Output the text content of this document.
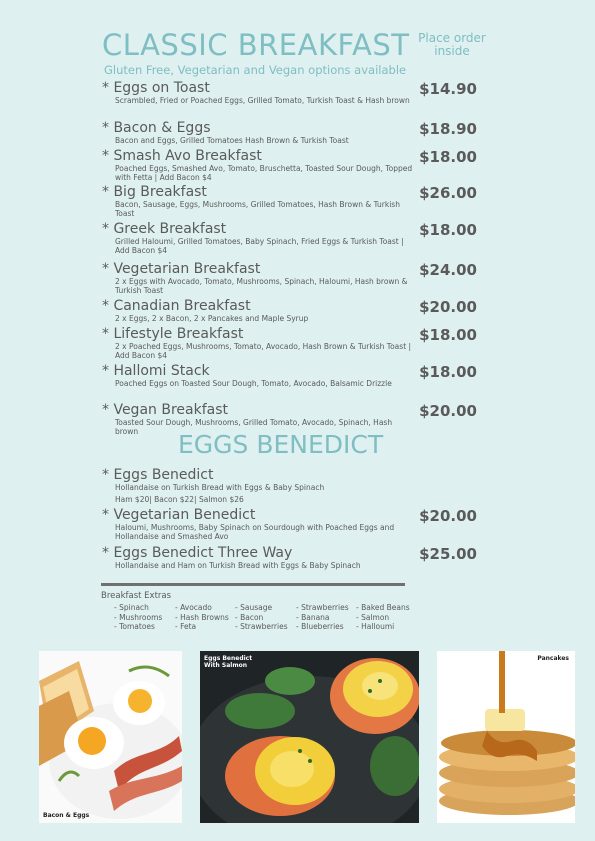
CLASSIC BREAKFAST Place order inside
Gluten Free, Vegetarian and Vegan options available
* Eggs on Toast
Scrambled, Fried or Poached Eggs, Grilled Tomato, Turkish Toast & Hash brown
$14.90
* Bacon & Eggs
Bacon and Eggs, Grilled Tomatoes Hash Brown & Turkish Toast
$18.90
* Smash Avo Breakfast
Poached Eggs, Smashed Avo, Tomato, Bruschetta, Toasted Sour Dough, Topped with Fetta | Add Bacon $4
$18.00
* Big Breakfast
Bacon, Sausage, Eggs, Mushrooms, Grilled Tomatoes, Hash Brown & Turkish Toast
$26.00
* Greek Breakfast
Grilled Haloumi, Grilled Tomatoes, Baby Spinach, Fried Eggs & Turkish Toast | Add Bacon $4
$18.00
* Vegetarian Breakfast
2 x Eggs with Avocado, Tomato, Mushrooms, Spinach, Haloumi, Hash brown & Turkish Toast
$24.00
* Canadian Breakfast
2 x Eggs, 2 x Bacon, 2 x Pancakes and Maple Syrup
$20.00
* Lifestyle Breakfast
2 x Poached Eggs, Mushrooms, Tomato, Avocado, Hash Brown & Turkish Toast | Add Bacon $4
$18.00
* Hallomi Stack
Poached Eggs on Toasted Sour Dough, Tomato, Avocado, Balsamic Drizzle
$18.00
* Vegan Breakfast
Toasted Sour Dough, Mushrooms, Grilled Tomato, Avocado, Spinach, Hash brown
$20.00
EGGS BENEDICT
* Eggs Benedict
Hollandaise on Turkish Bread with Eggs & Baby Spinach
Ham $20| Bacon $22| Salmon $26
* Vegetarian Benedict
Haloumi, Mushrooms, Baby Spinach on Sourdough with Poached Eggs and Hollandaise and Smashed Avo
$20.00
* Eggs Benedict Three Way
Hollandaise and Ham on Turkish Bread with Eggs & Baby Spinach
$25.00
Breakfast Extras
- Spinach
- Mushrooms
- Tomatoes
- Avocado
- Hash Browns
- Feta
- Sausage
- Bacon
- Strawberries
- Strawberries
- Banana
- Blueberries
- Baked Beans
- Salmon
- Halloumi
Bacon & Eggs
Eggs Benedict With Salmon
Pancakes
